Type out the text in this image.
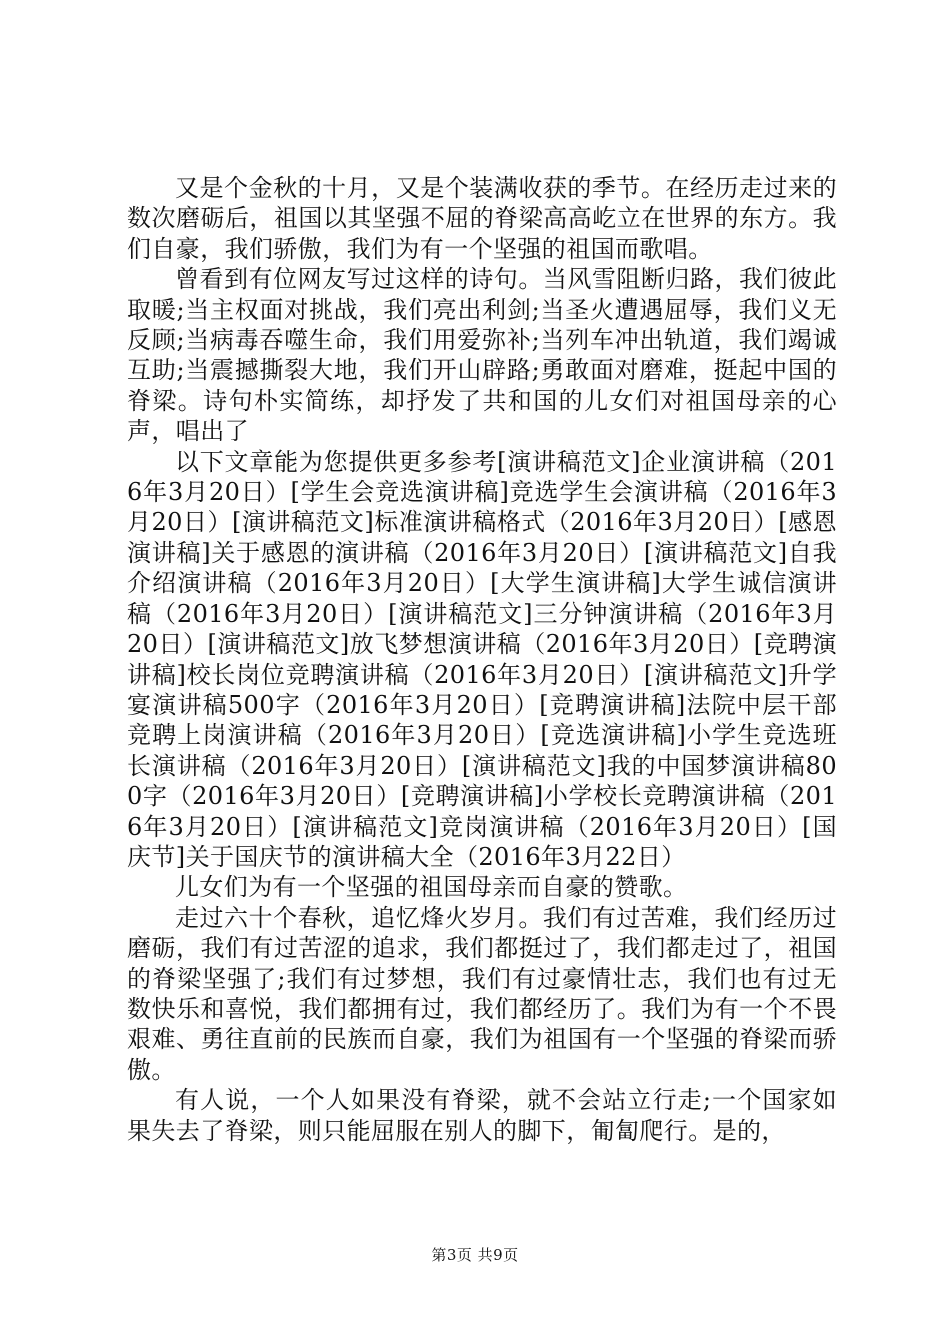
又是个金秋的十月，又是个装满收获的季节。在经历走过来的数次磨砺后，祖国以其坚强不屈的脊梁高高屹立在世界的东方。我们自豪，我们骄傲，我们为有一个坚强的祖国而歌唱。

曾看到有位网友写过这样的诗句。当风雪阻断归路，我们彼此取暖;当主权面对挑战，我们亮出利剑;当圣火遭遇屈辱，我们义无反顾;当病毒吞噬生命，我们用爱弥补;当列车冲出轨道，我们竭诚互助;当震撼撕裂大地，我们开山辟路;勇敢面对磨难，挺起中国的脊梁。诗句朴实简练，却抒发了共和国的儿女们对祖国母亲的心声，唱出了

以下文章能为您提供更多参考[演讲稿范文]企业演讲稿（2016年3月20日）[学生会竞选演讲稿]竞选学生会演讲稿（2016年3月20日）[演讲稿范文]标准演讲稿格式（2016年3月20日）[感恩演讲稿]关于感恩的演讲稿（2016年3月20日）[演讲稿范文]自我介绍演讲稿（2016年3月20日）[大学生演讲稿]大学生诚信演讲稿（2016年3月20日）[演讲稿范文]三分钟演讲稿（2016年3月20日）[演讲稿范文]放飞梦想演讲稿（2016年3月20日）[竞聘演讲稿]校长岗位竞聘演讲稿（2016年3月20日）[演讲稿范文]升学宴演讲稿500字（2016年3月20日）[竞聘演讲稿]法院中层干部竞聘上岗演讲稿（2016年3月20日）[竞选演讲稿]小学生竞选班长演讲稿（2016年3月20日）[演讲稿范文]我的中国梦演讲稿800字（2016年3月20日）[竞聘演讲稿]小学校长竞聘演讲稿（2016年3月20日）[演讲稿范文]竞岗演讲稿（2016年3月20日）[国庆节]关于国庆节的演讲稿大全（2016年3月22日）

儿女们为有一个坚强的祖国母亲而自豪的赞歌。

走过六十个春秋，追忆烽火岁月。我们有过苦难，我们经历过磨砺，我们有过苦涩的追求，我们都挺过了，我们都走过了，祖国的脊梁坚强了;我们有过梦想，我们有过豪情壮志，我们也有过无数快乐和喜悦，我们都拥有过，我们都经历了。我们为有一个不畏艰难、勇往直前的民族而自豪，我们为祖国有一个坚强的脊梁而骄傲。

有人说，一个人如果没有脊梁，就不会站立行走;一个国家如果失去了脊梁，则只能屈服在别人的脚下，匍匐爬行。是的，

第3页 共9页
